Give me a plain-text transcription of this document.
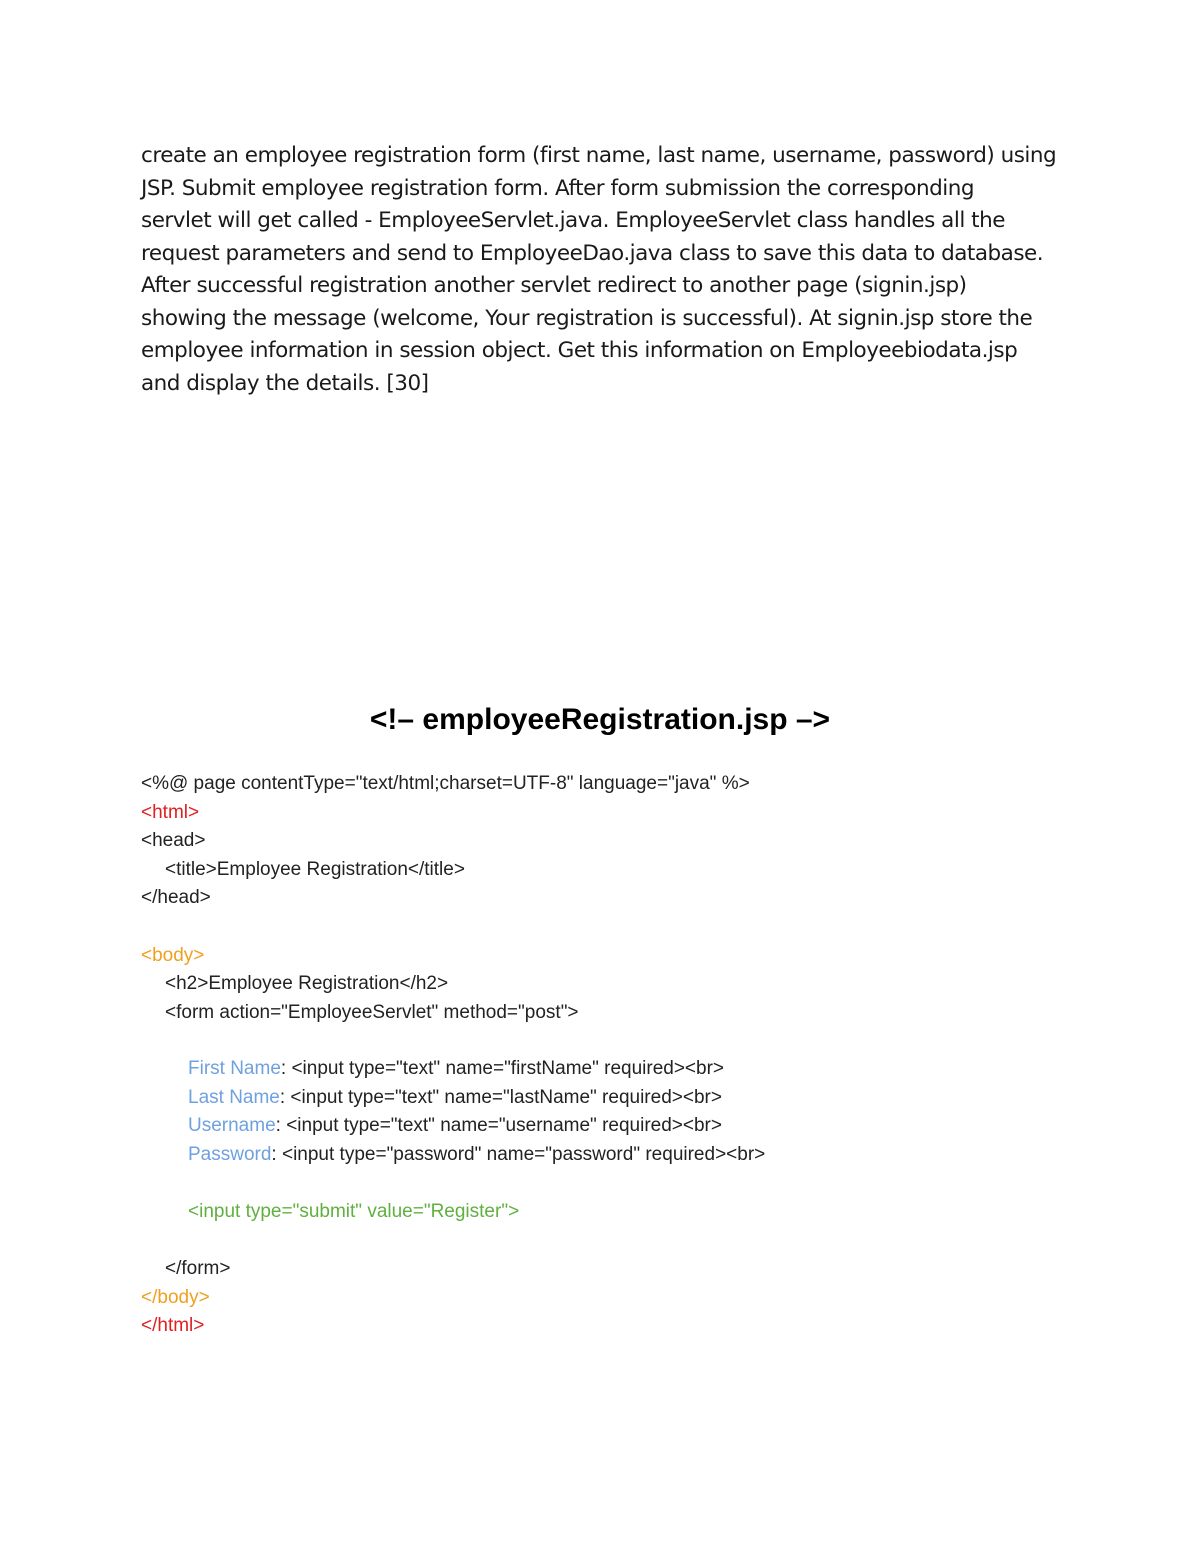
create an employee registration form (first name, last name, username, password) using
JSP. Submit employee registration form. After form submission the corresponding
servlet will get called - EmployeeServlet.java. EmployeeServlet class handles all the
request parameters and send to EmployeeDao.java class to save this data to database.
After successful registration another servlet redirect to another page (signin.jsp)
showing the message (welcome, Your registration is successful). At signin.jsp store the
employee information in session object. Get this information on Employeebiodata.jsp
and display the details. [30]
<!– employeeRegistration.jsp –>
<%@ page contentType="text/html;charset=UTF-8" language="java" %>
<html>
<head>
<title>Employee Registration</title>
</head>
<body>
<h2>Employee Registration</h2>
<form action="EmployeeServlet" method="post">
First Name: <input type="text" name="firstName" required><br>
Last Name: <input type="text" name="lastName" required><br>
Username: <input type="text" name="username" required><br>
Password: <input type="password" name="password" required><br>
<input type="submit" value="Register">
</form>
</body>
</html>
